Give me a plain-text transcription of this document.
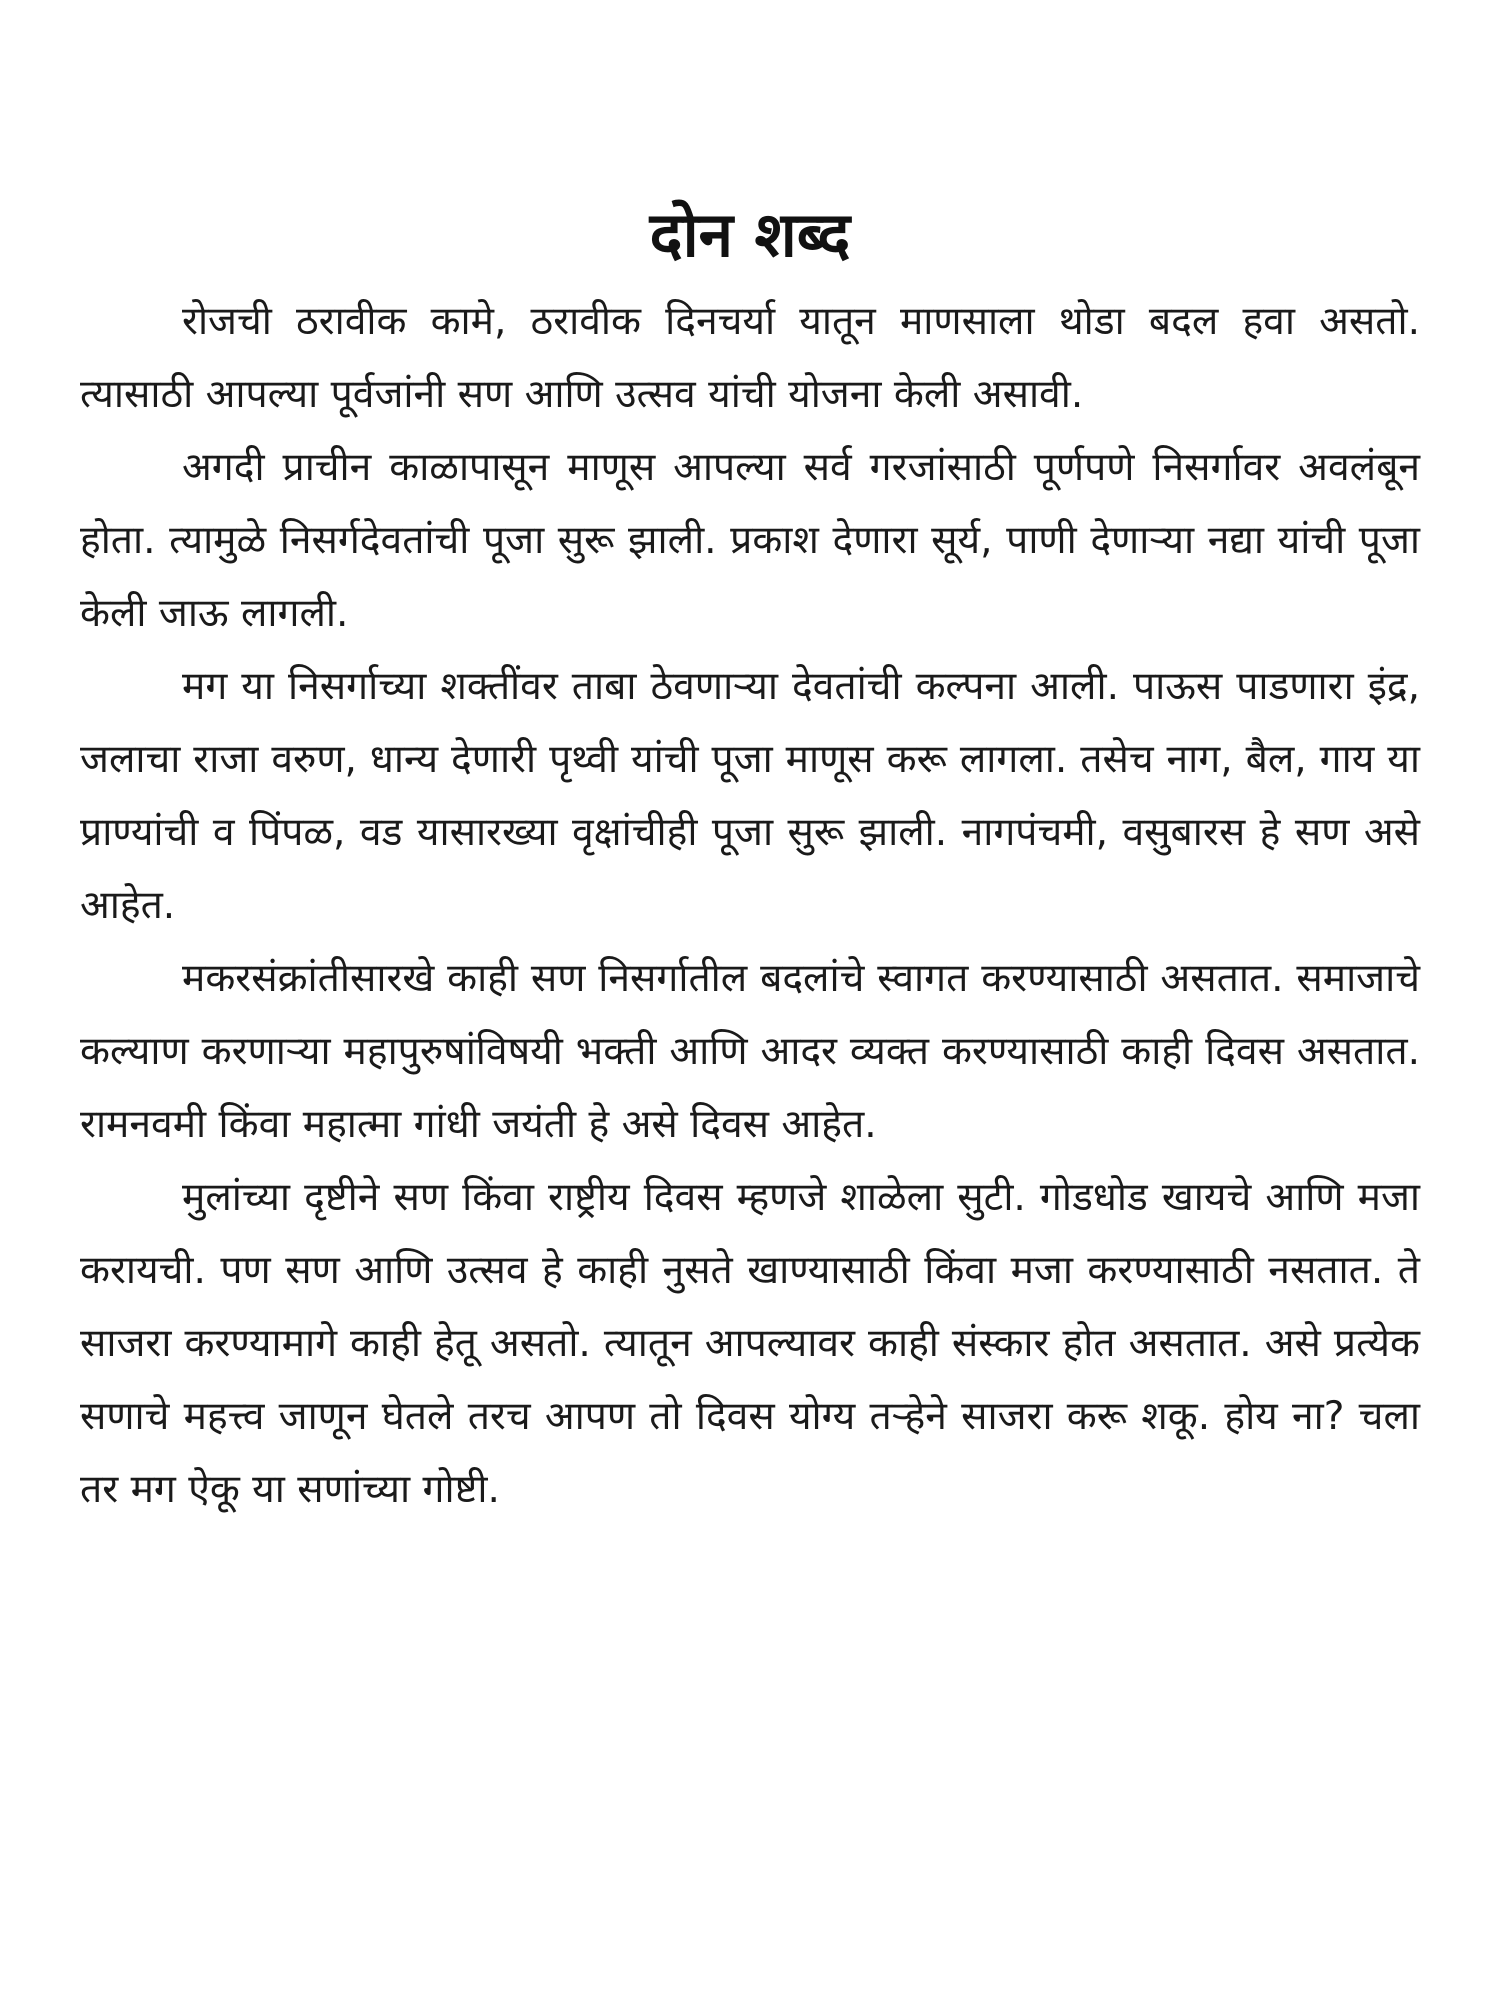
दोन शब्द

रोजची ठरावीक कामे, ठरावीक दिनचर्या यातून माणसाला थोडा बदल हवा असतो. त्यासाठी आपल्या पूर्वजांनी सण आणि उत्सव यांची योजना केली असावी.

अगदी प्राचीन काळापासून माणूस आपल्या सर्व गरजांसाठी पूर्णपणे निसर्गावर अवलंबून होता. त्यामुळे निसर्गदेवतांची पूजा सुरू झाली. प्रकाश देणारा सूर्य, पाणी देणाऱ्या नद्या यांची पूजा केली जाऊ लागली.

मग या निसर्गाच्या शक्तींवर ताबा ठेवणाऱ्या देवतांची कल्पना आली. पाऊस पाडणारा इंद्र, जलाचा राजा वरुण, धान्य देणारी पृथ्वी यांची पूजा माणूस करू लागला. तसेच नाग, बैल, गाय या प्राण्यांची व पिंपळ, वड यासारख्या वृक्षांचीही पूजा सुरू झाली. नागपंचमी, वसुबारस हे सण असे आहेत.

मकरसंक्रांतीसारखे काही सण निसर्गातील बदलांचे स्वागत करण्यासाठी असतात. समाजाचे कल्याण करणाऱ्या महापुरुषांविषयी भक्ती आणि आदर व्यक्त करण्यासाठी काही दिवस असतात. रामनवमी किंवा महात्मा गांधी जयंती हे असे दिवस आहेत.

मुलांच्या दृष्टीने सण किंवा राष्ट्रीय दिवस म्हणजे शाळेला सुटी. गोडधोड खायचे आणि मजा करायची. पण सण आणि उत्सव हे काही नुसते खाण्यासाठी किंवा मजा करण्यासाठी नसतात. ते साजरा करण्यामागे काही हेतू असतो. त्यातून आपल्यावर काही संस्कार होत असतात. असे प्रत्येक सणाचे महत्त्व जाणून घेतले तरच आपण तो दिवस योग्य तऱ्हेने साजरा करू शकू. होय ना? चला तर मग ऐकू या सणांच्या गोष्टी.
